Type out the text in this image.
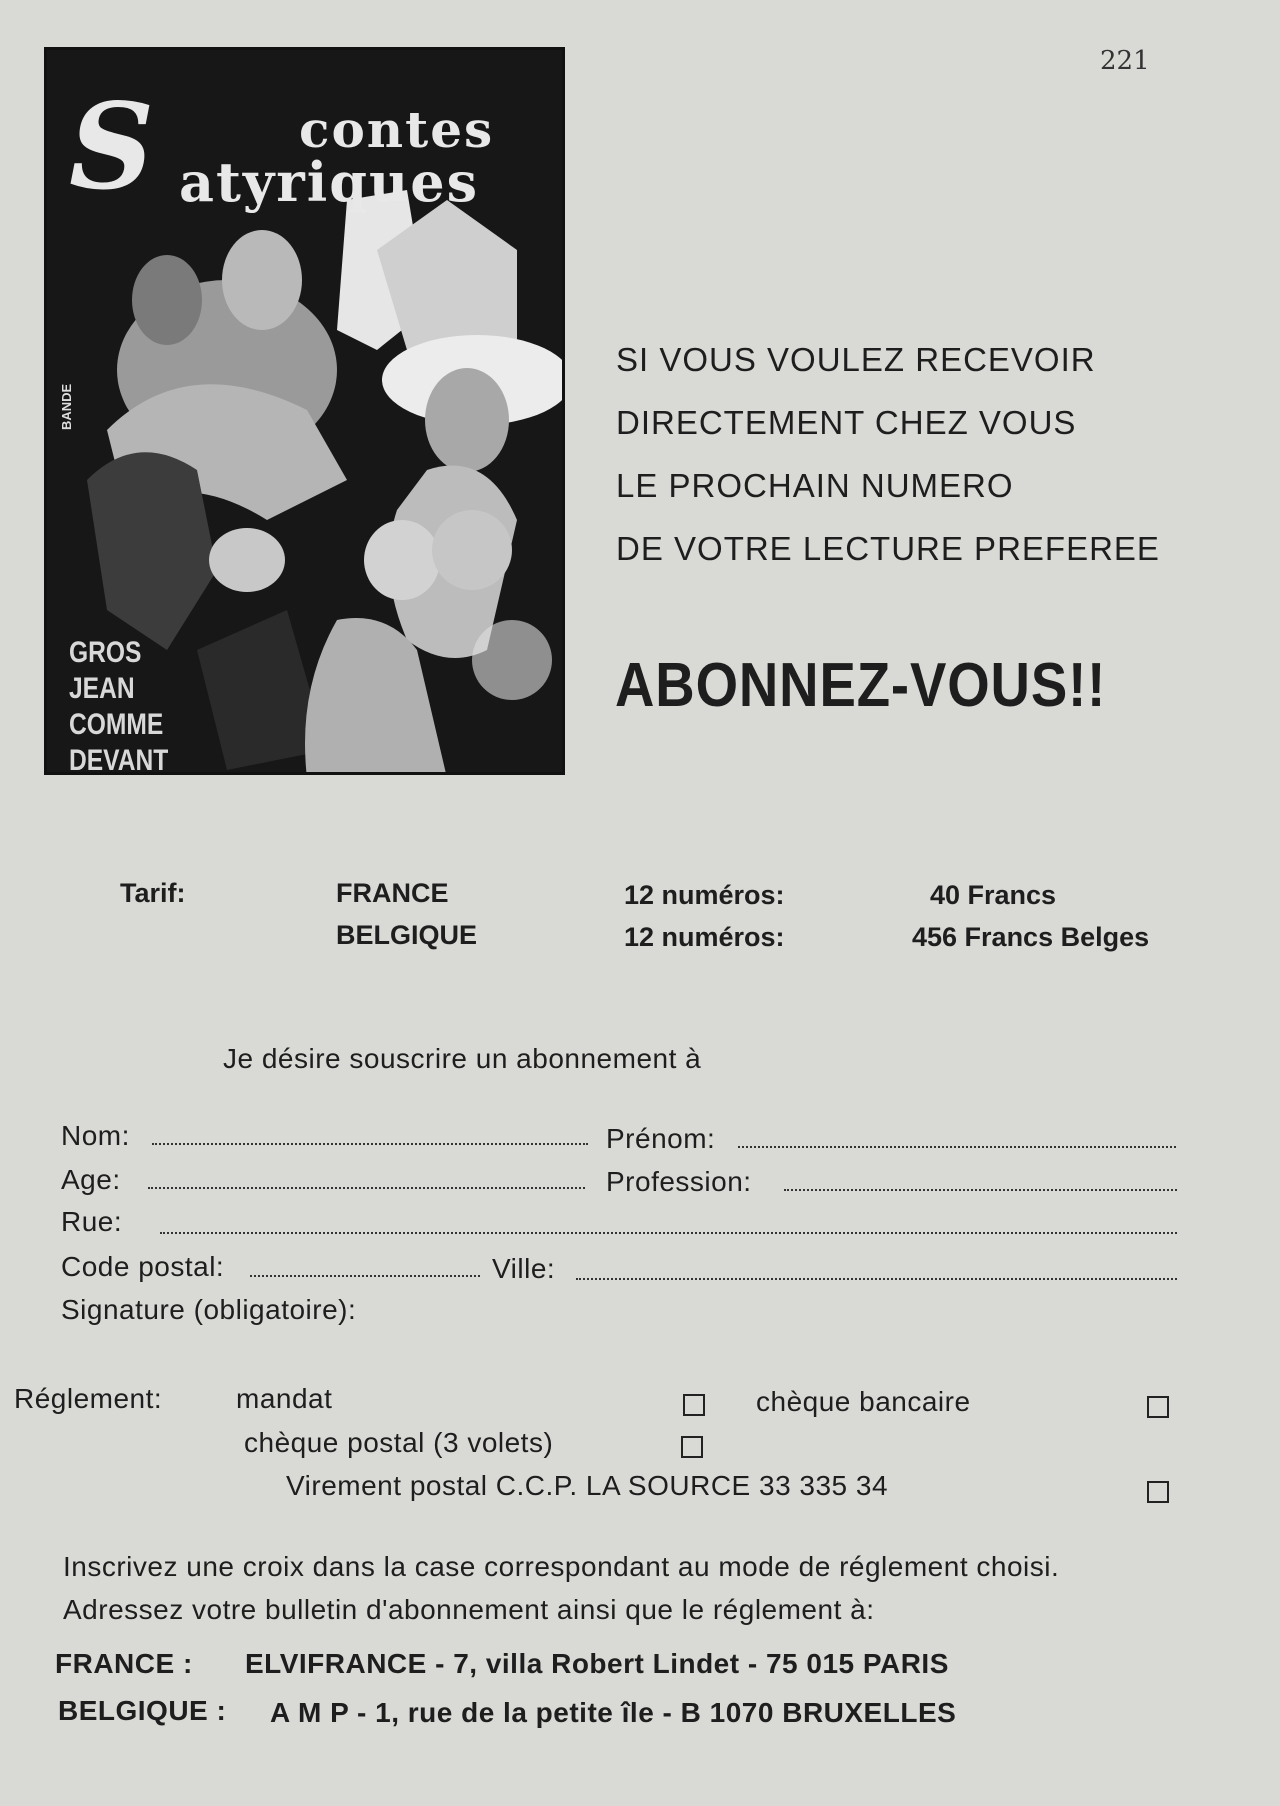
221
S	contes
atyriques
BANDE
GROS
JEAN
COMME
DEVANT
SI VOUS VOULEZ RECEVOIR
DIRECTEMENT CHEZ VOUS
LE PROCHAIN NUMERO
DE VOTRE LECTURE PREFEREE
ABONNEZ-VOUS!!
Tarif:	FRANCE	12 numéros:	40 Francs
BELGIQUE	12 numéros:	456 Francs Belges
Je désire souscrire un abonnement à
Nom:	Prénom:
Age:	Profession:
Rue:
Code postal:	Ville:
Signature (obligatoire):
Réglement:	mandat	chèque bancaire
chèque postal (3 volets)
Virement postal C.C.P. LA SOURCE 33 335 34
Inscrivez une croix dans la case correspondant au mode de réglement choisi.
Adressez votre bulletin d'abonnement ainsi que le réglement à:
FRANCE : ELVIFRANCE - 7, villa Robert Lindet - 75 015 PARIS
BELGIQUE : A M P - 1, rue de la petite île - B 1070 BRUXELLES
